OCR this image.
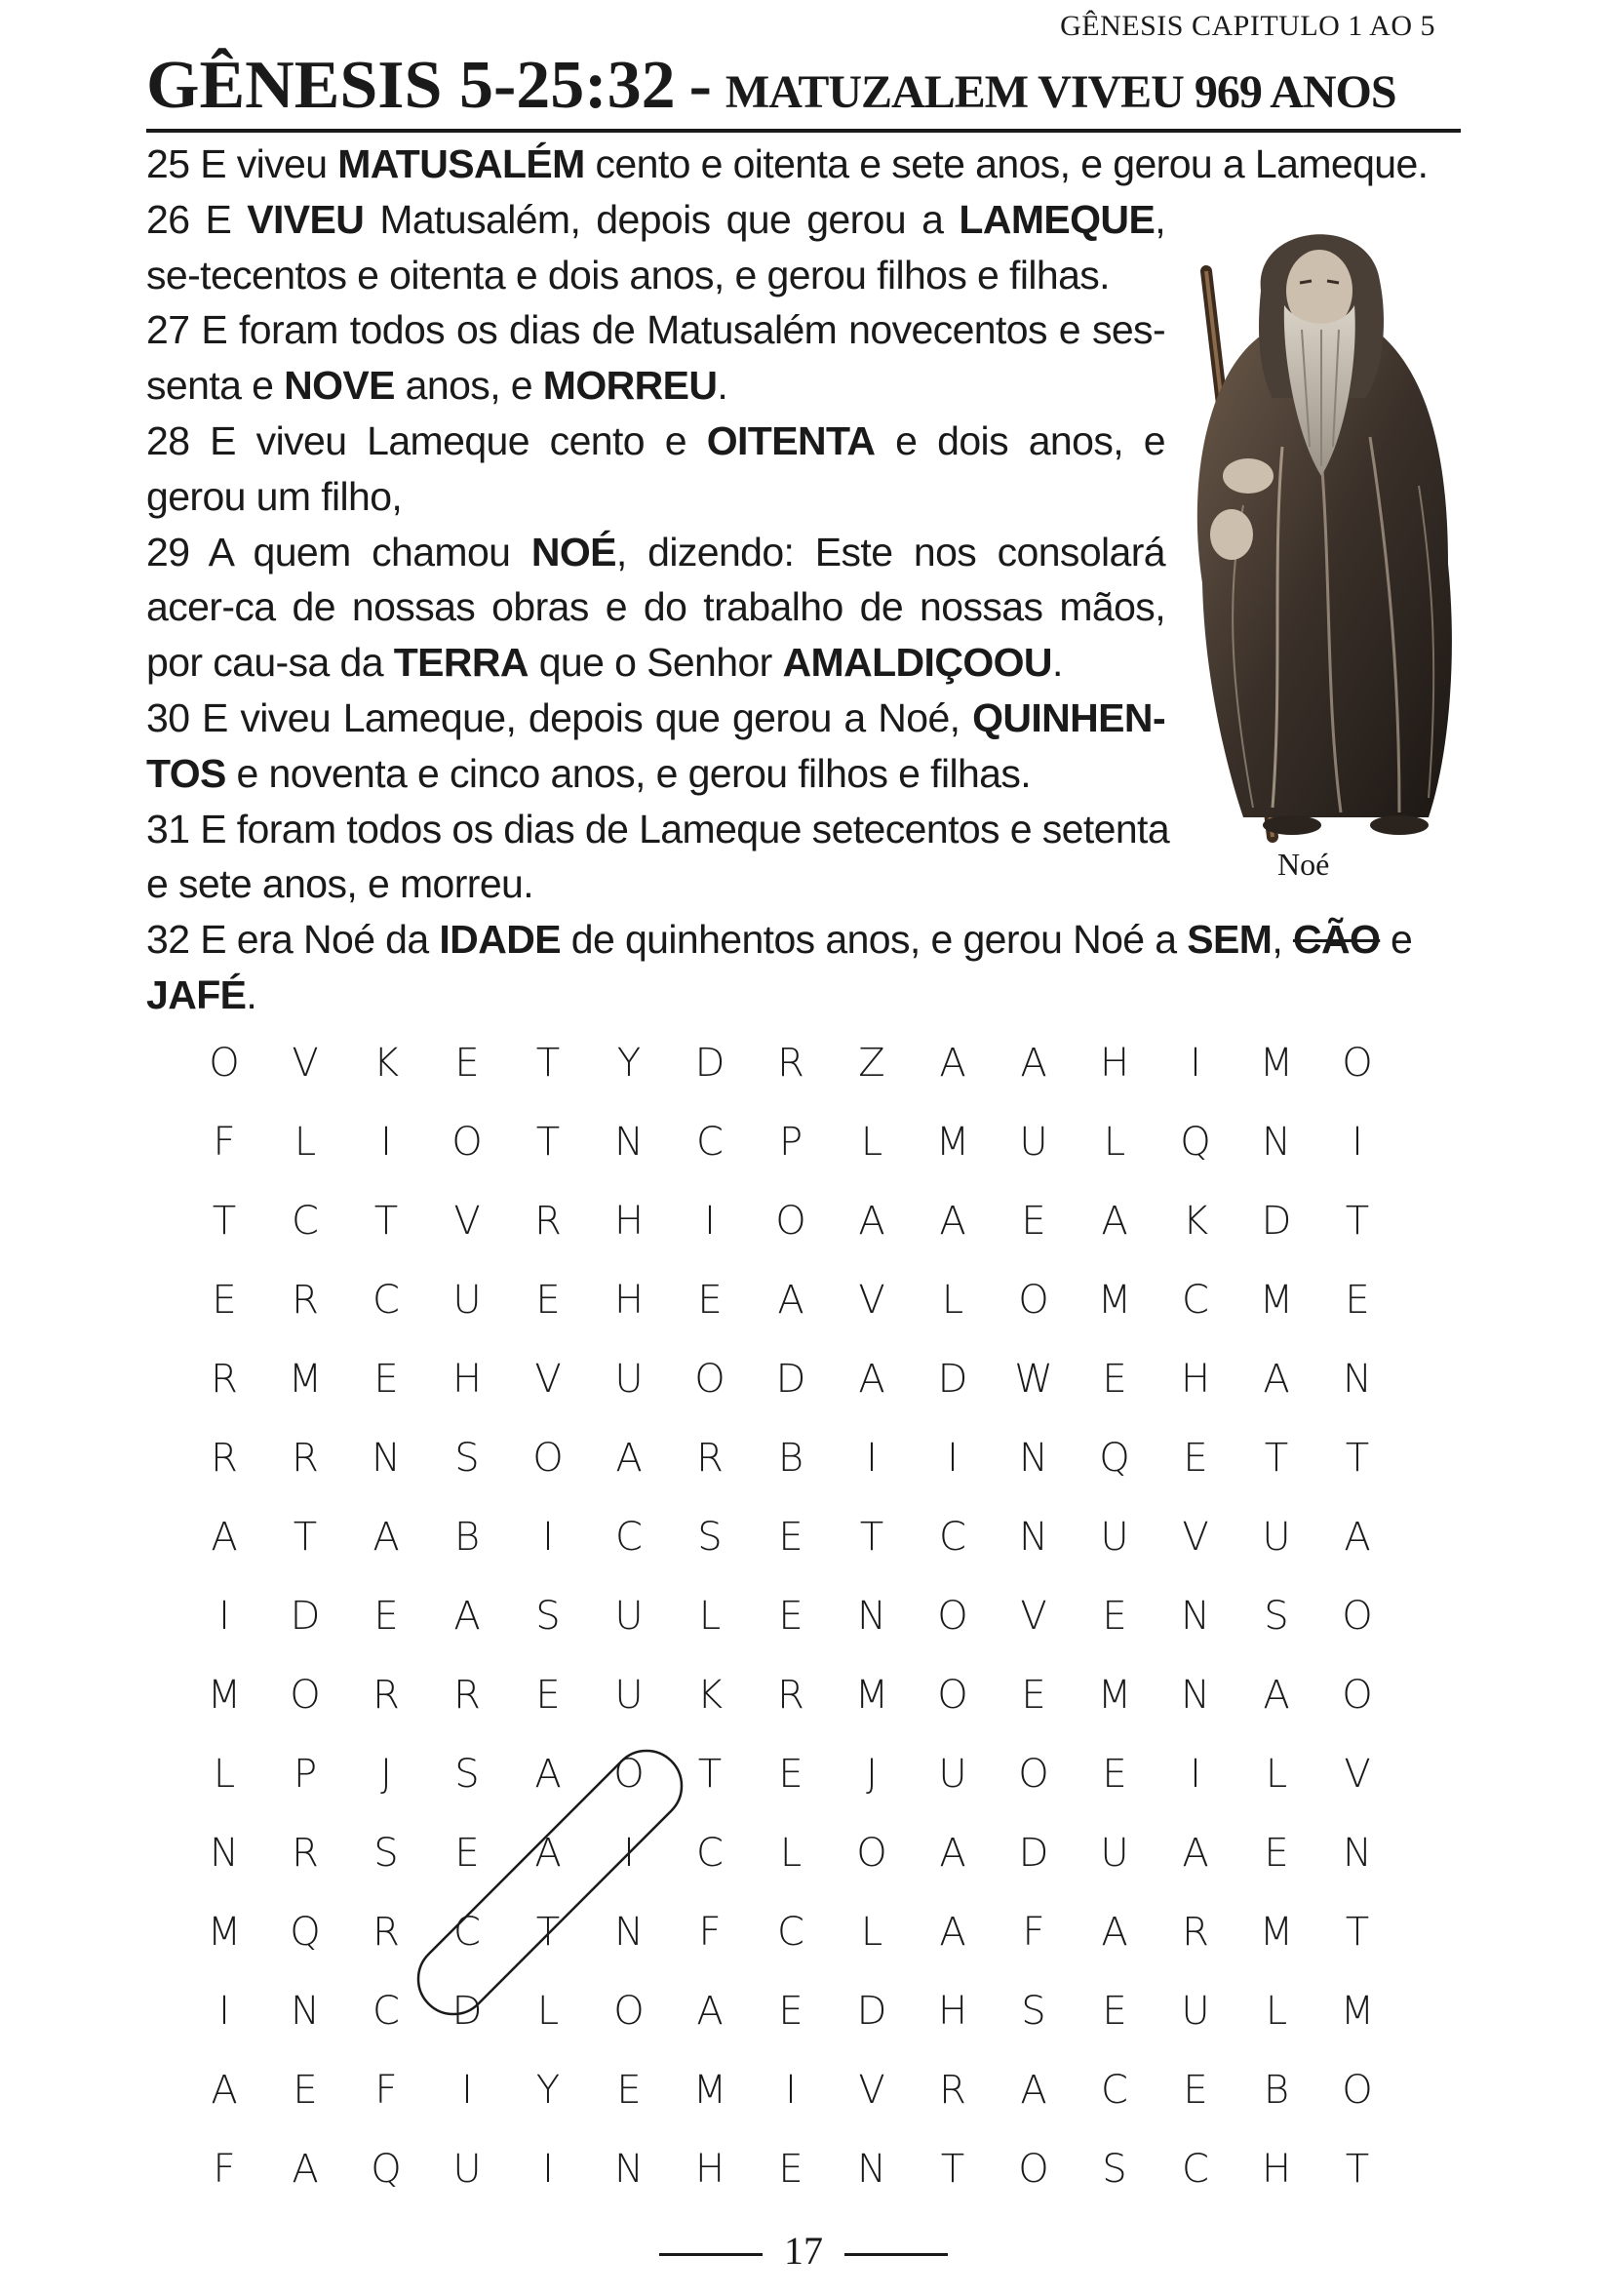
GÊNESIS CAPITULO 1 AO 5
GÊNESIS 5-25:32 - MATUZALEM VIVEU 969 ANOS
25 E viveu MATUSALÉM cento e oitenta e sete anos, e gerou a Lameque.
26 E VIVEU Matusalém, depois que gerou a LAMEQUE, se-tecentos e oitenta e dois anos, e gerou filhos e filhas.
27 E foram todos os dias de Matusalém novecentos e ses-senta e NOVE anos, e MORREU.
28 E viveu Lameque cento e OITENTA e dois anos, e gerou um filho,
29 A quem chamou NOÉ, dizendo: Este nos consolará acer-ca de nossas obras e do trabalho de nossas mãos, por cau-sa da TERRA que o Senhor AMALDIÇOOU.
30 E viveu Lameque, depois que gerou a Noé, QUINHEN-TOS e noventa e cinco anos, e gerou filhos e filhas.
31 E foram todos os dias de Lameque setecentos e setenta e sete anos, e morreu.
32 E era Noé da IDADE de quinhentos anos, e gerou Noé a SEM, CÃO e JAFÉ.
Noé
O	V	K	E	T	Y	D	R	Z	A	A	H	I	M	O
F	L	I	O	T	N	C	P	L	M	U	L	Q	N	I
T	C	T	V	R	H	I	O	A	A	E	A	K	D	T
E	R	C	U	E	H	E	A	V	L	O	M	C	M	E
R	M	E	H	V	U	O	D	A	D	W	E	H	A	N
R	R	N	S	O	A	R	B	I	I	N	Q	E	T	T
A	T	A	B	I	C	S	E	T	C	N	U	V	U	A
I	D	E	A	S	U	L	E	N	O	V	E	N	S	O
M	O	R	R	E	U	K	R	M	O	E	M	N	A	O
L	P	J	S	A	O	T	E	J	U	O	E	I	L	V
N	R	S	E	A	I	C	L	O	A	D	U	A	E	N
M	Q	R	C	T	N	F	C	L	A	F	A	R	M	T
I	N	C	D	L	O	A	E	D	H	S	E	U	L	M
A	E	F	I	Y	E	M	I	V	R	A	C	E	B	O
F	A	Q	U	I	N	H	E	N	T	O	S	C	H	T
17
